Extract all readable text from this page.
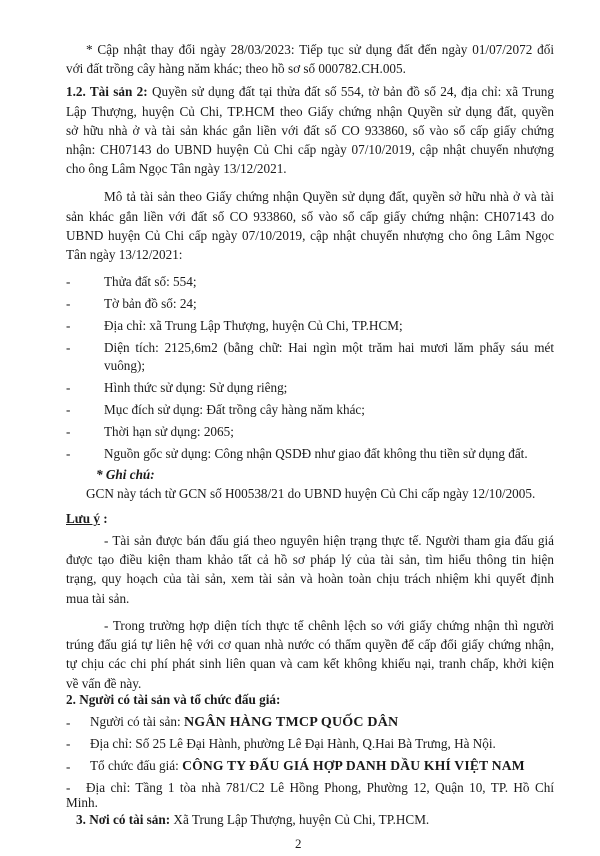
* Cập nhật thay đổi ngày 28/03/2023: Tiếp tục sử dụng đất đến ngày 01/07/2072 đối
với đất trồng cây hàng năm khác; theo hồ sơ số 000782.CH.005.
1.2. Tài sản 2: Quyền sử dụng đất tại thửa đất số 554, tờ bản đồ số 24, địa chỉ: xã Trung
Lập Thượng, huyện Củ Chi, TP.HCM theo Giấy chứng nhận Quyền sử dụng đất, quyền
sở hữu nhà ở và tài sản khác gắn liền với đất số CO 933860, số vào sổ cấp giấy chứng
nhận: CH07143 do UBND huyện Củ Chi cấp ngày 07/10/2019, cập nhật chuyển nhượng
cho ông Lâm Ngọc Tân ngày 13/12/2021.
Mô tả tài sản theo Giấy chứng nhận Quyền sử dụng đất, quyền sở hữu nhà ở và tài
sản khác gắn liền với đất số CO 933860, số vào sổ cấp giấy chứng nhận: CH07143 do
UBND huyện Củ Chi cấp ngày 07/10/2019, cập nhật chuyển nhượng cho ông Lâm Ngọc
Tân ngày 13/12/2021:
-	Thửa đất số: 554;
-	Tờ bản đồ số: 24;
-	Địa chỉ: xã Trung Lập Thượng, huyện Củ Chi, TP.HCM;
-	Diện tích: 2125,6m2 (bằng chữ: Hai ngìn một trăm hai mươi lăm phẩy sáu mét
vuông);
-	Hình thức sử dụng: Sử dụng riêng;
-	Mục đích sử dụng: Đất trồng cây hàng năm khác;
-	Thời hạn sử dụng: 2065;
-	Nguồn gốc sử dụng: Công nhận QSDĐ như giao đất không thu tiền sử dụng đất.
* Ghi chú:
GCN này tách từ GCN số H00538/21 do UBND huyện Củ Chi cấp ngày 12/10/2005.
Lưu ý :
- Tài sản được bán đấu giá theo nguyên hiện trạng thực tế. Người tham gia đấu giá
được tạo điều kiện tham khảo tất cả hồ sơ pháp lý của tài sản, tìm hiểu thông tin hiện
trạng, quy hoạch của tài sản, xem tài sản và hoàn toàn chịu trách nhiệm khi quyết định
mua tài sản.
- Trong trường hợp diện tích thực tế chênh lệch so với giấy chứng nhận thì người
trúng đấu giá tự liên hệ với cơ quan nhà nước có thẩm quyền để cấp đổi giấy chứng nhận,
tự chịu các chi phí phát sinh liên quan và cam kết không khiếu nại, tranh chấp, khởi kiện
về vấn đề này.
2. Người có tài sản và tổ chức đấu giá:
- Người có tài sản: NGÂN HÀNG TMCP QUỐC DÂN
- Địa chỉ: Số 25 Lê Đại Hành, phường Lê Đại Hành, Q.Hai Bà Trưng, Hà Nội.
- Tổ chức đấu giá: CÔNG TY ĐẤU GIÁ HỢP DANH DẦU KHÍ VIỆT NAM
- Địa chỉ: Tầng 1 tòa nhà 781/C2 Lê Hồng Phong, Phường 12, Quận 10, TP. Hồ Chí
Minh.
3. Nơi có tài sản: Xã Trung Lập Thượng, huyện Củ Chi, TP.HCM.
2
